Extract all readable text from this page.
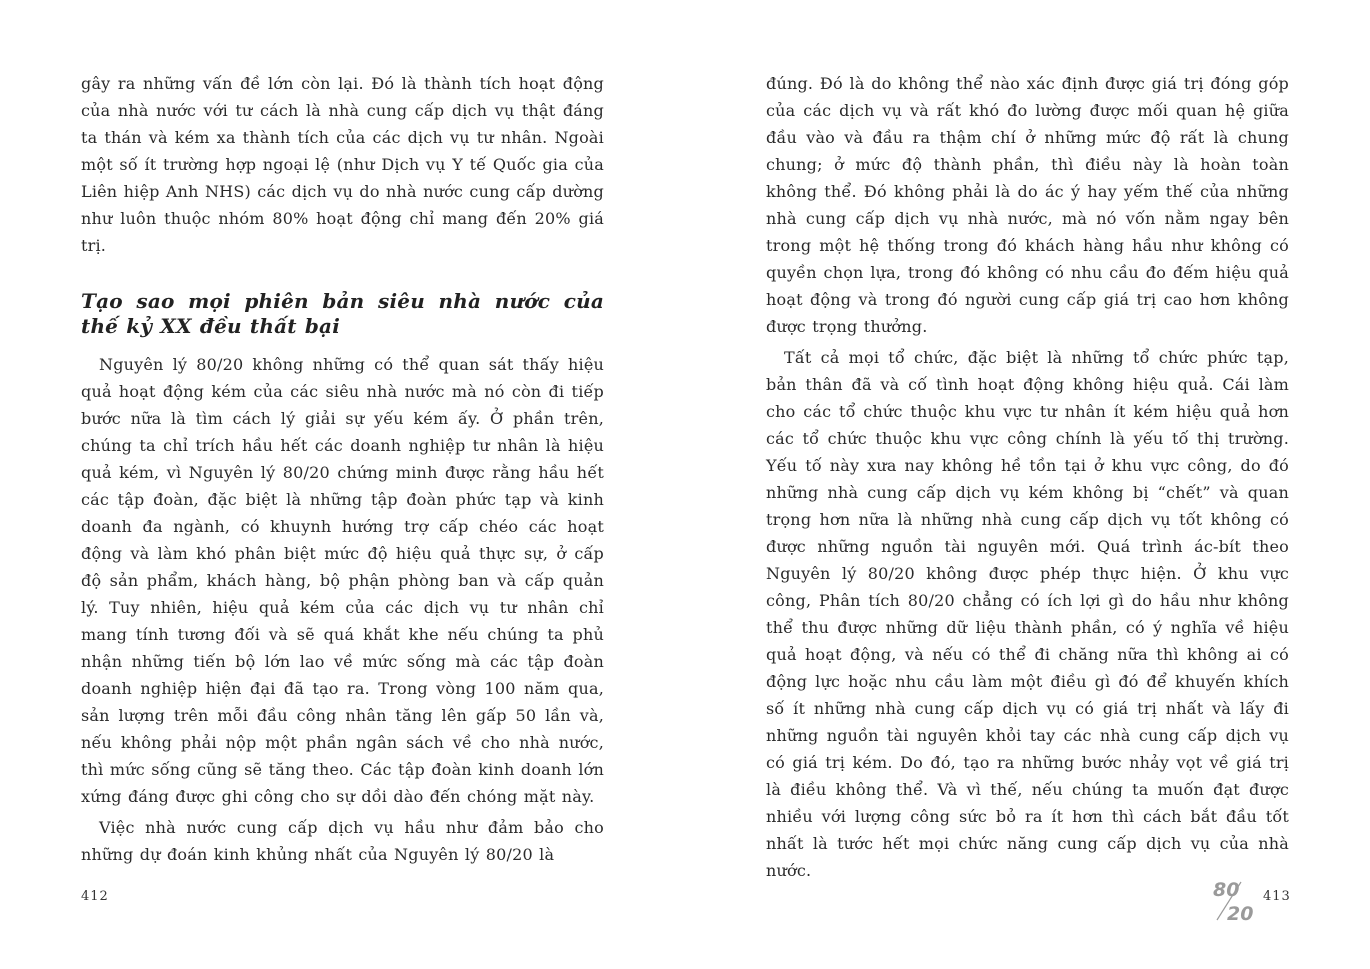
gây ra những vấn đề lớn còn lại. Đó là thành tích hoạt động của nhà nước với tư cách là nhà cung cấp dịch vụ thật đáng ta thán và kém xa thành tích của các dịch vụ tư nhân. Ngoài một số ít trường hợp ngoại lệ (như Dịch vụ Y tế Quốc gia của Liên hiệp Anh NHS) các dịch vụ do nhà nước cung cấp dường như luôn thuộc nhóm 80% hoạt động chỉ mang đến 20% giá trị.

Tạo sao mọi phiên bản siêu nhà nước của thế kỷ XX đều thất bại

Nguyên lý 80/20 không những có thể quan sát thấy hiệu quả hoạt động kém của các siêu nhà nước mà nó còn đi tiếp bước nữa là tìm cách lý giải sự yếu kém ấy. Ở phần trên, chúng ta chỉ trích hầu hết các doanh nghiệp tư nhân là hiệu quả kém, vì Nguyên lý 80/20 chứng minh được rằng hầu hết các tập đoàn, đặc biệt là những tập đoàn phức tạp và kinh doanh đa ngành, có khuynh hướng trợ cấp chéo các hoạt động và làm khó phân biệt mức độ hiệu quả thực sự, ở cấp độ sản phẩm, khách hàng, bộ phận phòng ban và cấp quản lý. Tuy nhiên, hiệu quả kém của các dịch vụ tư nhân chỉ mang tính tương đối và sẽ quá khắt khe nếu chúng ta phủ nhận những tiến bộ lớn lao về mức sống mà các tập đoàn doanh nghiệp hiện đại đã tạo ra. Trong vòng 100 năm qua, sản lượng trên mỗi đầu công nhân tăng lên gấp 50 lần và, nếu không phải nộp một phần ngân sách về cho nhà nước, thì mức sống cũng sẽ tăng theo. Các tập đoàn kinh doanh lớn xứng đáng được ghi công cho sự dồi dào đến chóng mặt này.

Việc nhà nước cung cấp dịch vụ hầu như đảm bảo cho những dự đoán kinh khủng nhất của Nguyên lý 80/20 là

412

đúng. Đó là do không thể nào xác định được giá trị đóng góp của các dịch vụ và rất khó đo lường được mối quan hệ giữa đầu vào và đầu ra thậm chí ở những mức độ rất là chung chung; ở mức độ thành phần, thì điều này là hoàn toàn không thể. Đó không phải là do ác ý hay yếm thế của những nhà cung cấp dịch vụ nhà nước, mà nó vốn nằm ngay bên trong một hệ thống trong đó khách hàng hầu như không có quyền chọn lựa, trong đó không có nhu cầu đo đếm hiệu quả hoạt động và trong đó người cung cấp giá trị cao hơn không được trọng thưởng.

Tất cả mọi tổ chức, đặc biệt là những tổ chức phức tạp, bản thân đã và cố tình hoạt động không hiệu quả. Cái làm cho các tổ chức thuộc khu vực tư nhân ít kém hiệu quả hơn các tổ chức thuộc khu vực công chính là yếu tố thị trường. Yếu tố này xưa nay không hề tồn tại ở khu vực công, do đó những nhà cung cấp dịch vụ kém không bị “chết” và quan trọng hơn nữa là những nhà cung cấp dịch vụ tốt không có được những nguồn tài nguyên mới. Quá trình ác-bít theo Nguyên lý 80/20 không được phép thực hiện. Ở khu vực công, Phân tích 80/20 chẳng có ích lợi gì do hầu như không thể thu được những dữ liệu thành phần, có ý nghĩa về hiệu quả hoạt động, và nếu có thể đi chăng nữa thì không ai có động lực hoặc nhu cầu làm một điều gì đó để khuyến khích số ít những nhà cung cấp dịch vụ có giá trị nhất và lấy đi những nguồn tài nguyên khỏi tay các nhà cung cấp dịch vụ có giá trị kém. Do đó, tạo ra những bước nhảy vọt về giá trị là điều không thể. Và vì thế, nếu chúng ta muốn đạt được nhiều với lượng công sức bỏ ra ít hơn thì cách bắt đầu tốt nhất là tước hết mọi chức năng cung cấp dịch vụ của nhà nước.

80
20
413
